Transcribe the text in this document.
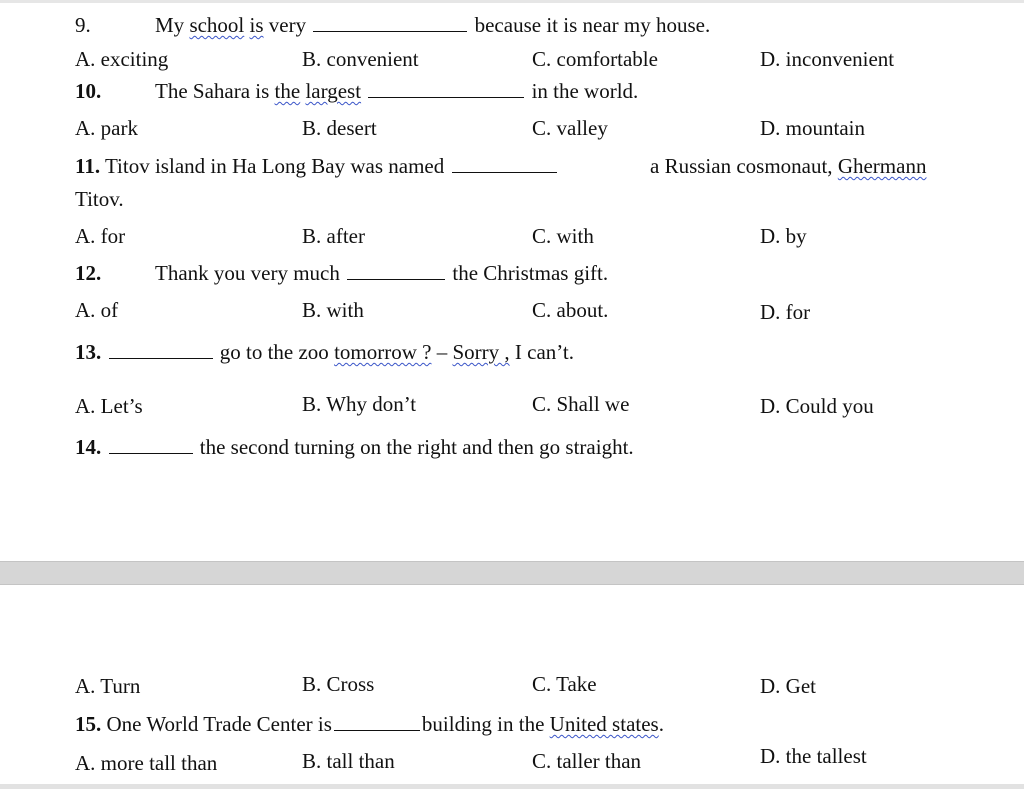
9.	My school is very	because it is near my house.
A. exciting	B. convenient	C. comfortable	D. inconvenient
10.	The Sahara is the largest	in the world.
A. park	B. desert	C. valley	D. mountain
11. Titov island in Ha Long Bay was named	a Russian cosmonaut, Ghermann
Titov.
A. for	B. after	C. with	D. by
12.	Thank you very much	the Christmas gift.
A. of	B. with	C. about.	D. for
13.	go to the zoo tomorrow ? – Sorry , I can’t.
A. Let’s	B. Why don’t	C. Shall we	D. Could you
14.	the second turning on the right and then go straight.
A. Turn	B. Cross	C. Take	D. Get
15. One World Trade Center is	building in the United states.
A. more tall than	B. tall than	C. taller than	D. the tallest
